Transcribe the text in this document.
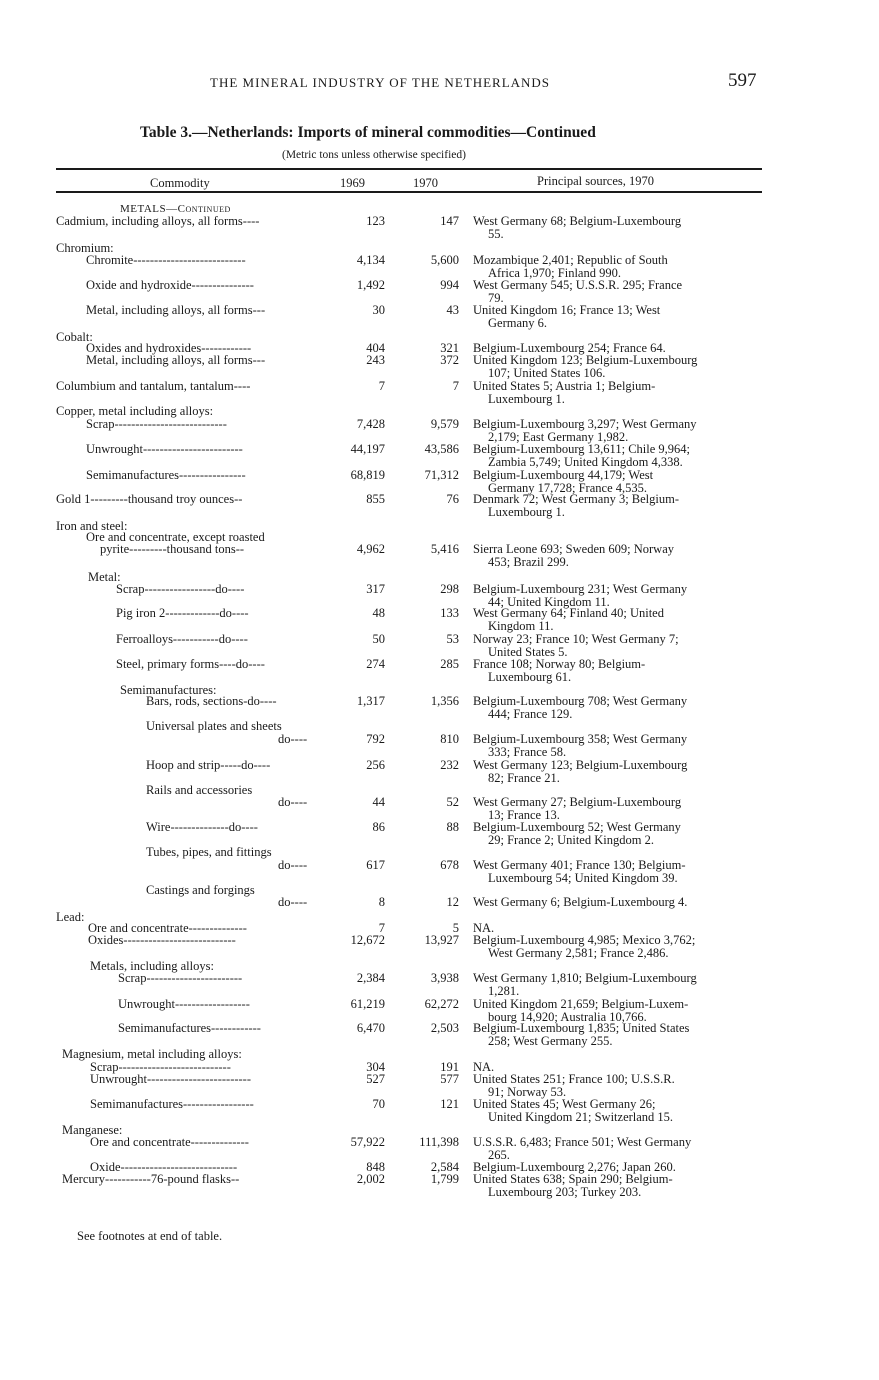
THE MINERAL INDUSTRY OF THE NETHERLANDS	597
Table 3.—Netherlands: Imports of mineral commodities—Continued
(Metric tons unless otherwise specified)
Commodity	1969	1970	Principal sources, 1970
METALS—Continued
Cadmium, including alloys, all forms----	123	147 West Germany 68; Belgium-Luxembourg
55.
Chromium:
Chromite---------------------------	4,134	5,600 Mozambique 2,401; Republic of South
Africa 1,970; Finland 990.
Oxide and hydroxide---------------	1,492	994 West Germany 545; U.S.S.R. 295; France
79.
Metal, including alloys, all forms---	30	43 United Kingdom 16; France 13; West
Germany 6.
Cobalt:
Oxides and hydroxides------------	404	321 Belgium-Luxembourg 254; France 64.
Metal, including alloys, all forms---	243	372 United Kingdom 123; Belgium-Luxembourg
107; United States 106.
Columbium and tantalum, tantalum----	7	7 United States 5; Austria 1; Belgium-
Luxembourg 1.
Copper, metal including alloys:
Scrap---------------------------	7,428	9,579 Belgium-Luxembourg 3,297; West Germany
2,179; East Germany 1,982.
Unwrought------------------------	44,197	43,586 Belgium-Luxembourg 13,611; Chile 9,964;
Zambia 5,749; United Kingdom 4,338.
Semimanufactures----------------	68,819	71,312 Belgium-Luxembourg 44,179; West
Germany 17,728; France 4,535.
Gold 1---------thousand troy ounces--	855	76 Denmark 72; West Germany 3; Belgium-
Luxembourg 1.
Iron and steel:
Ore and concentrate, except roasted
pyrite---------thousand tons--	4,962	5,416 Sierra Leone 693; Sweden 609; Norway
453; Brazil 299.
Metal:
Scrap-----------------do----	317	298 Belgium-Luxembourg 231; West Germany
44; United Kingdom 11.
Pig iron 2-------------do----	48	133 West Germany 64; Finland 40; United
Kingdom 11.
Ferroalloys-----------do----	50	53 Norway 23; France 10; West Germany 7;
United States 5.
Steel, primary forms----do----	274	285 France 108; Norway 80; Belgium-
Luxembourg 61.
Semimanufactures:
Bars, rods, sections-do----	1,317	1,356 Belgium-Luxembourg 708; West Germany
444; France 129.
Universal plates and sheets
do----	792	810 Belgium-Luxembourg 358; West Germany
333; France 58.
Hoop and strip-----do----	256	232 West Germany 123; Belgium-Luxembourg
82; France 21.
Rails and accessories
do----	44	52 West Germany 27; Belgium-Luxembourg
13; France 13.
Wire--------------do----	86	88 Belgium-Luxembourg 52; West Germany
29; France 2; United Kingdom 2.
Tubes, pipes, and fittings
do----	617	678 West Germany 401; France 130; Belgium-
Luxembourg 54; United Kingdom 39.
Castings and forgings
do----	8	12 West Germany 6; Belgium-Luxembourg 4.
Lead:
Ore and concentrate--------------	7	5 NA.
Oxides---------------------------	12,672	13,927 Belgium-Luxembourg 4,985; Mexico 3,762;
West Germany 2,581; France 2,486.
Metals, including alloys:
Scrap-----------------------	2,384	3,938 West Germany 1,810; Belgium-Luxembourg
1,281.
Unwrought------------------	61,219	62,272 United Kingdom 21,659; Belgium-Luxem-
bourg 14,920; Australia 10,766.
Semimanufactures------------	6,470	2,503 Belgium-Luxembourg 1,835; United States
258; West Germany 255.
Magnesium, metal including alloys:
Scrap---------------------------	304	191 NA.
Unwrought-------------------------	527	577 United States 251; France 100; U.S.S.R.
91; Norway 53.
Semimanufactures-----------------	70	121 United States 45; West Germany 26;
United Kingdom 21; Switzerland 15.
Manganese:
Ore and concentrate--------------	57,922	111,398 U.S.S.R. 6,483; France 501; West Germany
265.
Oxide----------------------------	848	2,584 Belgium-Luxembourg 2,276; Japan 260.
Mercury-----------76-pound flasks--	2,002	1,799 United States 638; Spain 290; Belgium-
Luxembourg 203; Turkey 203.
See footnotes at end of table.
